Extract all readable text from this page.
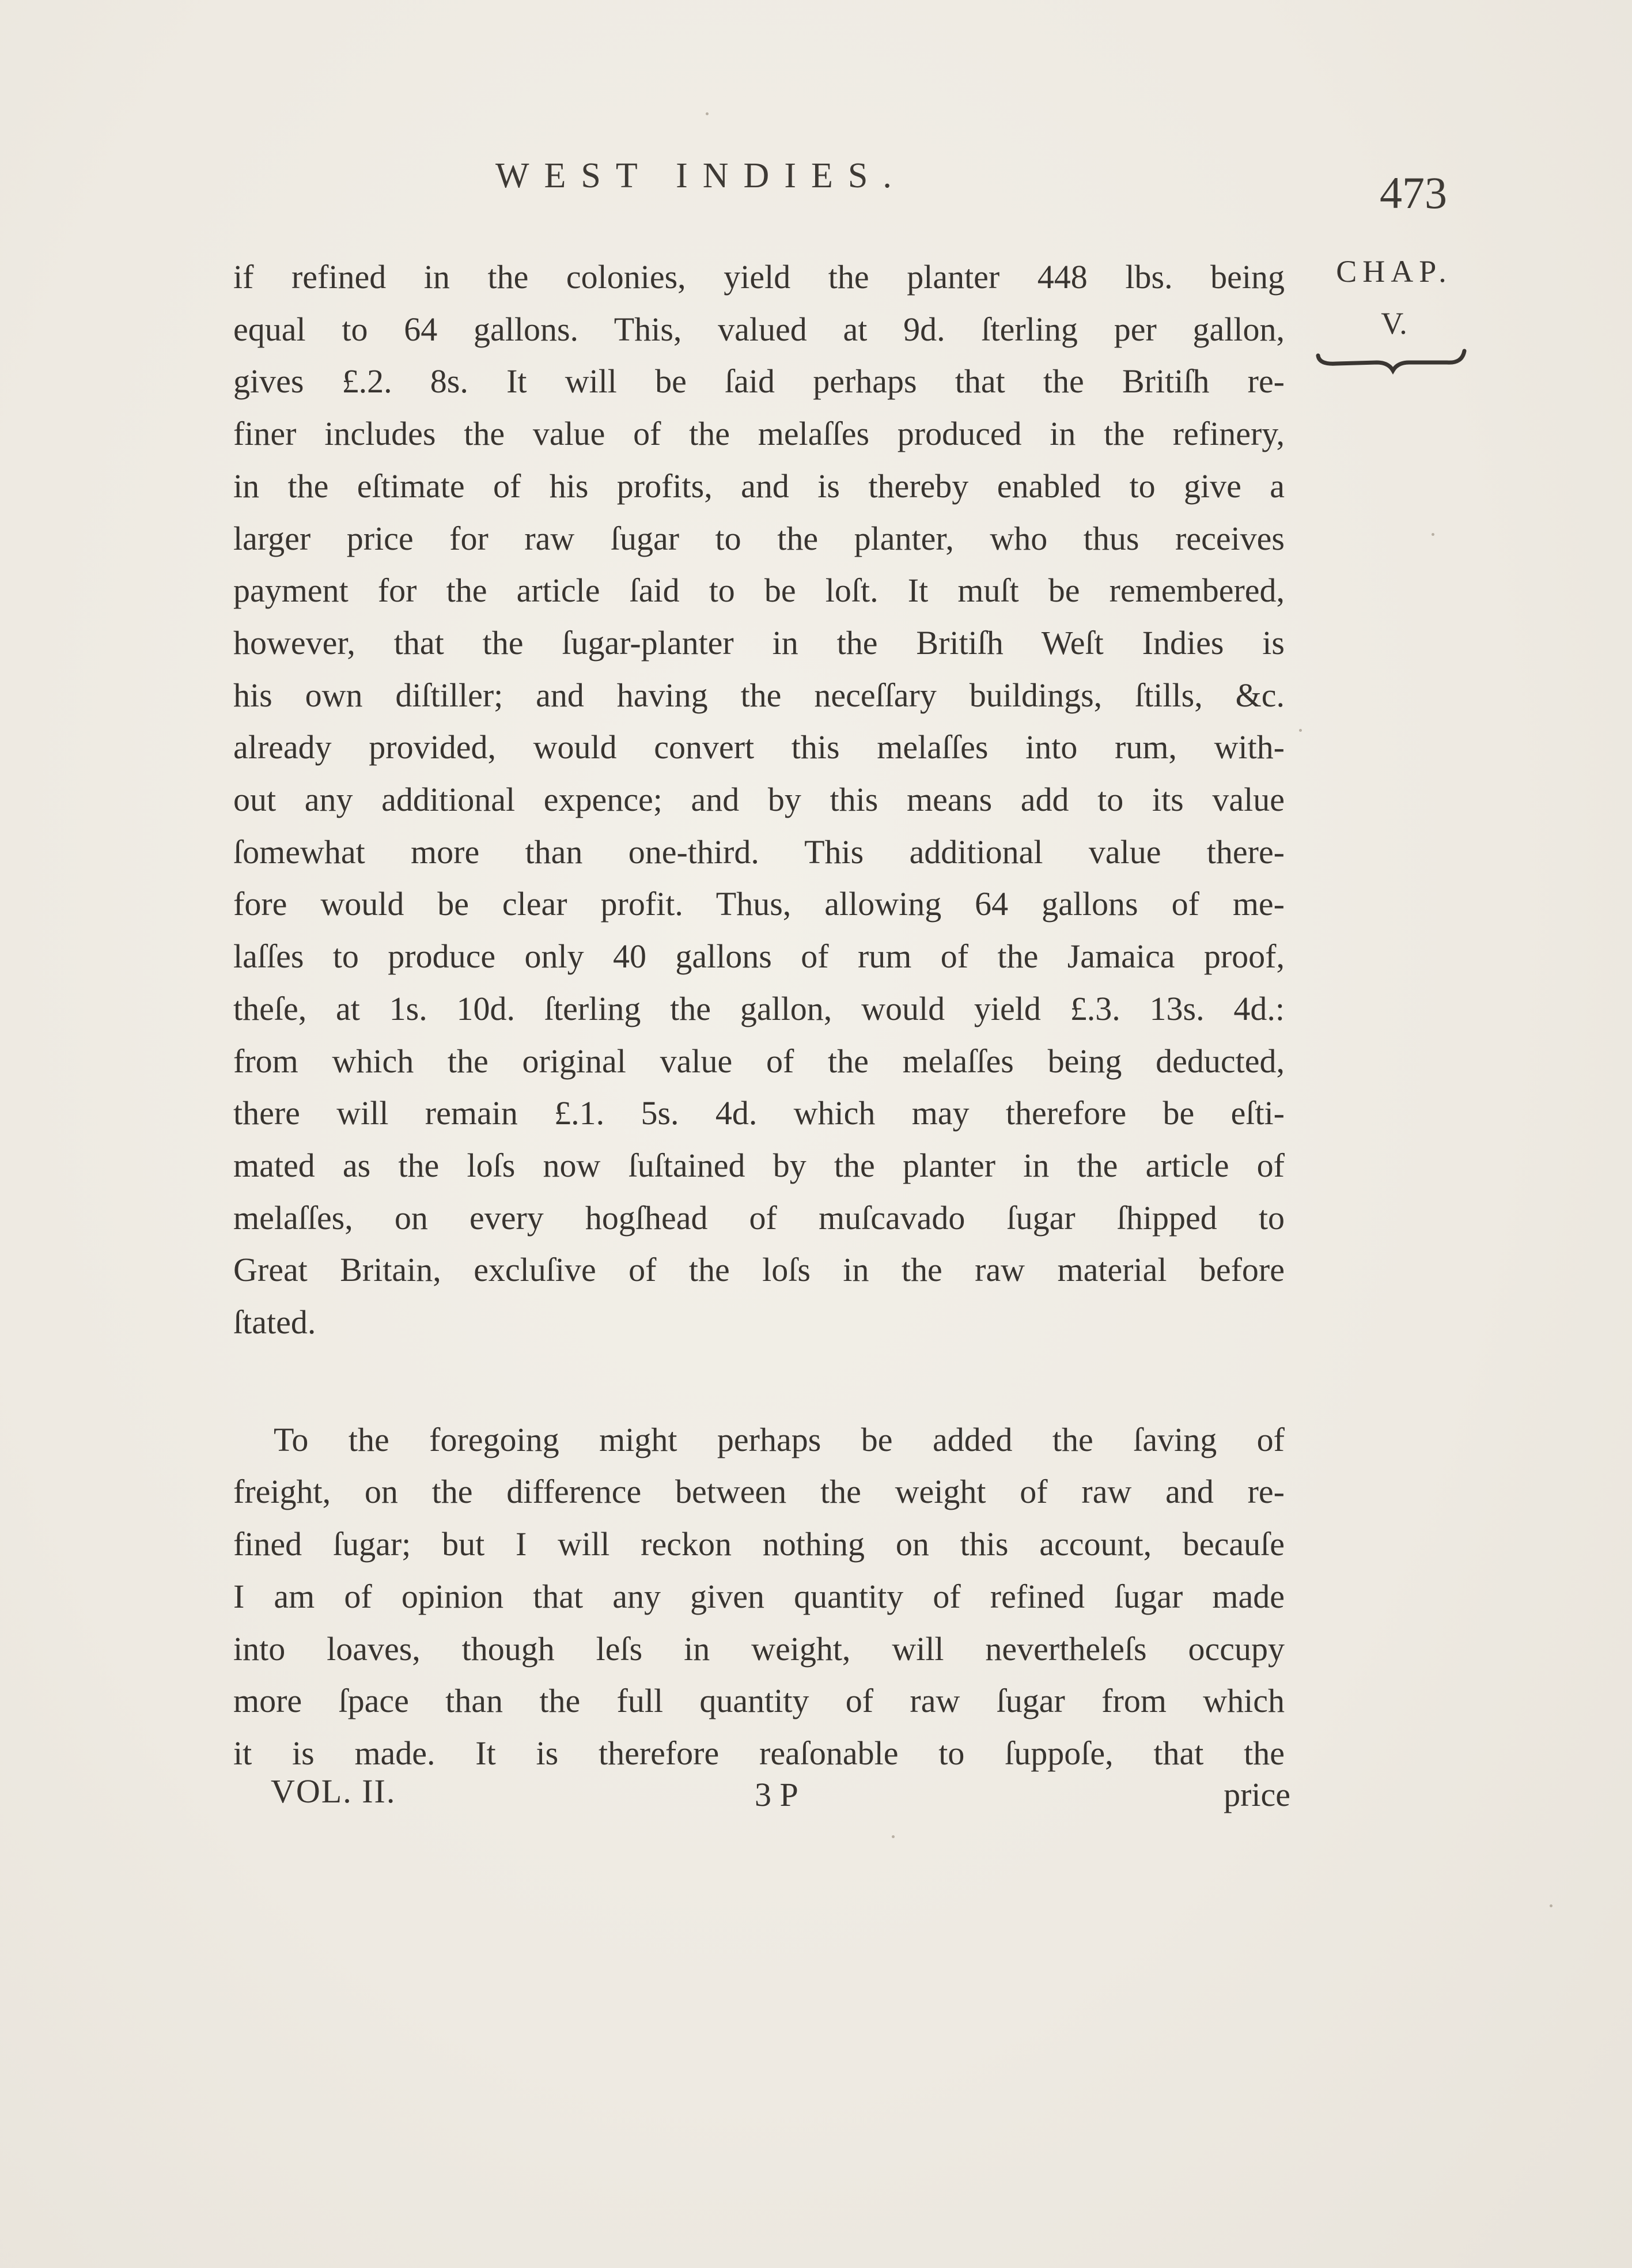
WEST INDIES.	473
CHAP.
V.

if refined in the colonies, yield the planter 448 lbs. being
equal to 64 gallons. This, valued at 9d. ſterling per gallon,
gives £.2. 8s. It will be ſaid perhaps that the Britiſh re-
finer includes the value of the melaſſes produced in the refinery,
in the eſtimate of his profits, and is thereby enabled to give a
larger price for raw ſugar to the planter, who thus receives
payment for the article ſaid to be loſt. It muſt be remembered,
however, that the ſugar-planter in the Britiſh Weſt Indies is
his own diſtiller; and having the neceſſary buildings, ſtills, &c.
already provided, would convert this melaſſes into rum, with-
out any additional expence; and by this means add to its value
ſomewhat more than one-third. This additional value there-
fore would be clear profit. Thus, allowing 64 gallons of me-
laſſes to produce only 40 gallons of rum of the Jamaica proof,
theſe, at 1s. 10d. ſterling the gallon, would yield £.3. 13s. 4d.:
from which the original value of the melaſſes being deducted,
there will remain £.1. 5s. 4d. which may therefore be eſti-
mated as the loſs now ſuſtained by the planter in the article of
melaſſes, on every hogſhead of muſcavado ſugar ſhipped to
Great Britain, excluſive of the loſs in the raw material before
ſtated.

To the foregoing might perhaps be added the ſaving of
freight, on the difference between the weight of raw and re-
fined ſugar; but I will reckon nothing on this account, becauſe
I am of opinion that any given quantity of refined ſugar made
into loaves, though leſs in weight, will nevertheleſs occupy
more ſpace than the full quantity of raw ſugar from which
it is made. It is therefore reaſonable to ſuppoſe, that the

VOL. II.	3 P	price
